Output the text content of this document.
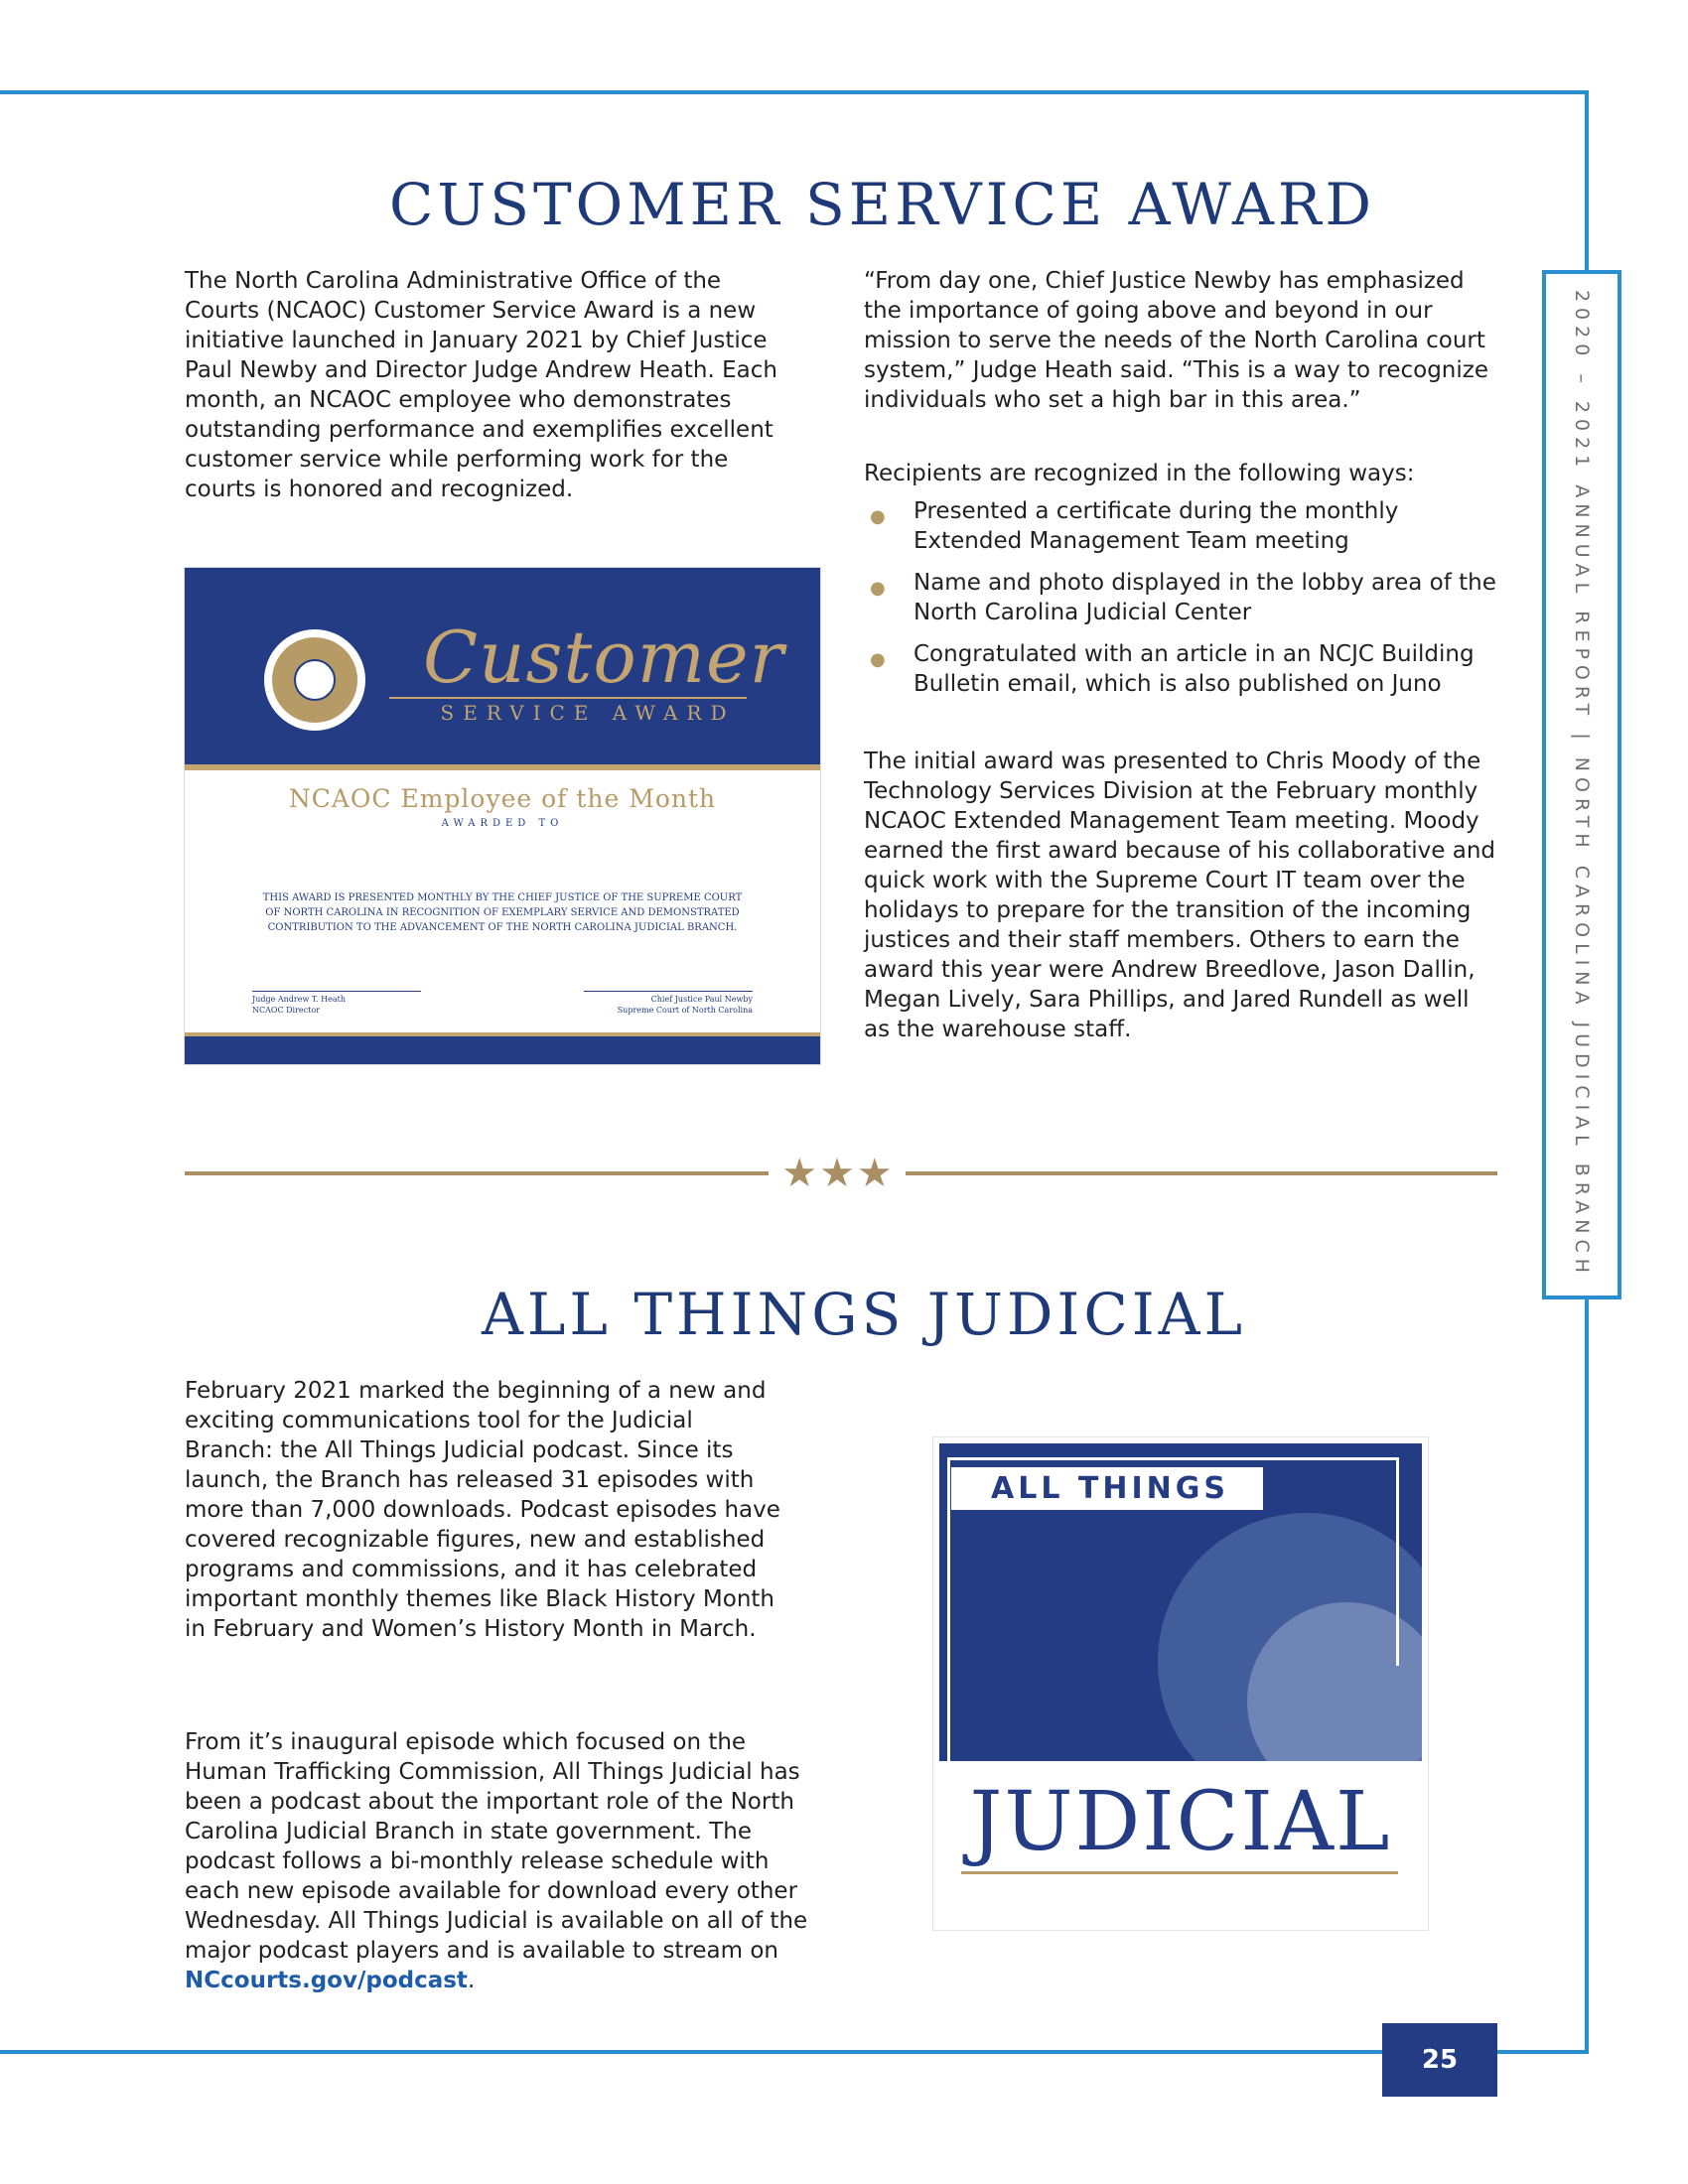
2020 – 2021 ANNUAL REPORT | NORTH CAROLINA JUDICIAL BRANCH
CUSTOMER SERVICE AWARD

The North Carolina Administrative Office of the Courts (NCAOC) Customer Service Award is a new initiative launched in January 2021 by Chief Justice Paul Newby and Director Judge Andrew Heath. Each month, an NCAOC employee who demonstrates outstanding performance and exemplifies excellent customer service while performing work for the courts is honored and recognized.

Customer
SERVICE AWARD
NCAOC Employee of the Month
AWARDED TO
THIS AWARD IS PRESENTED MONTHLY BY THE CHIEF JUSTICE OF THE SUPREME COURT OF NORTH CAROLINA IN RECOGNITION OF EXEMPLARY SERVICE AND DEMONSTRATED CONTRIBUTION TO THE ADVANCEMENT OF THE NORTH CAROLINA JUDICIAL BRANCH.
Judge Andrew T. Heath
NCAOC Director
Chief Justice Paul Newby
Supreme Court of North Carolina

“From day one, Chief Justice Newby has emphasized the importance of going above and beyond in our mission to serve the needs of the North Carolina court system,” Judge Heath said. “This is a way to recognize individuals who set a high bar in this area.”

Recipients are recognized in the following ways:

● Presented a certificate during the monthly Extended Management Team meeting
● Name and photo displayed in the lobby area of the North Carolina Judicial Center
● Congratulated with an article in an NCJC Building Bulletin email, which is also published on Juno

The initial award was presented to Chris Moody of the Technology Services Division at the February monthly NCAOC Extended Management Team meeting. Moody earned the first award because of his collaborative and quick work with the Supreme Court IT team over the holidays to prepare for the transition of the incoming justices and their staff members. Others to earn the award this year were Andrew Breedlove, Jason Dallin, Megan Lively, Sara Phillips, and Jared Rundell as well as the warehouse staff.

★★★
ALL THINGS JUDICIAL

February 2021 marked the beginning of a new and exciting communications tool for the Judicial Branch: the All Things Judicial podcast. Since its launch, the Branch has released 31 episodes with more than 7,000 downloads. Podcast episodes have covered recognizable figures, new and established programs and commissions, and it has celebrated important monthly themes like Black History Month in February and Women’s History Month in March.

From it’s inaugural episode which focused on the Human Trafficking Commission, All Things Judicial has been a podcast about the important role of the North Carolina Judicial Branch in state government. The podcast follows a bi-monthly release schedule with each new episode available for download every other Wednesday. All Things Judicial is available on all of the major podcast players and is available to stream on NCcourts.gov/podcast.

ALL THINGS
JUDICIAL
25
